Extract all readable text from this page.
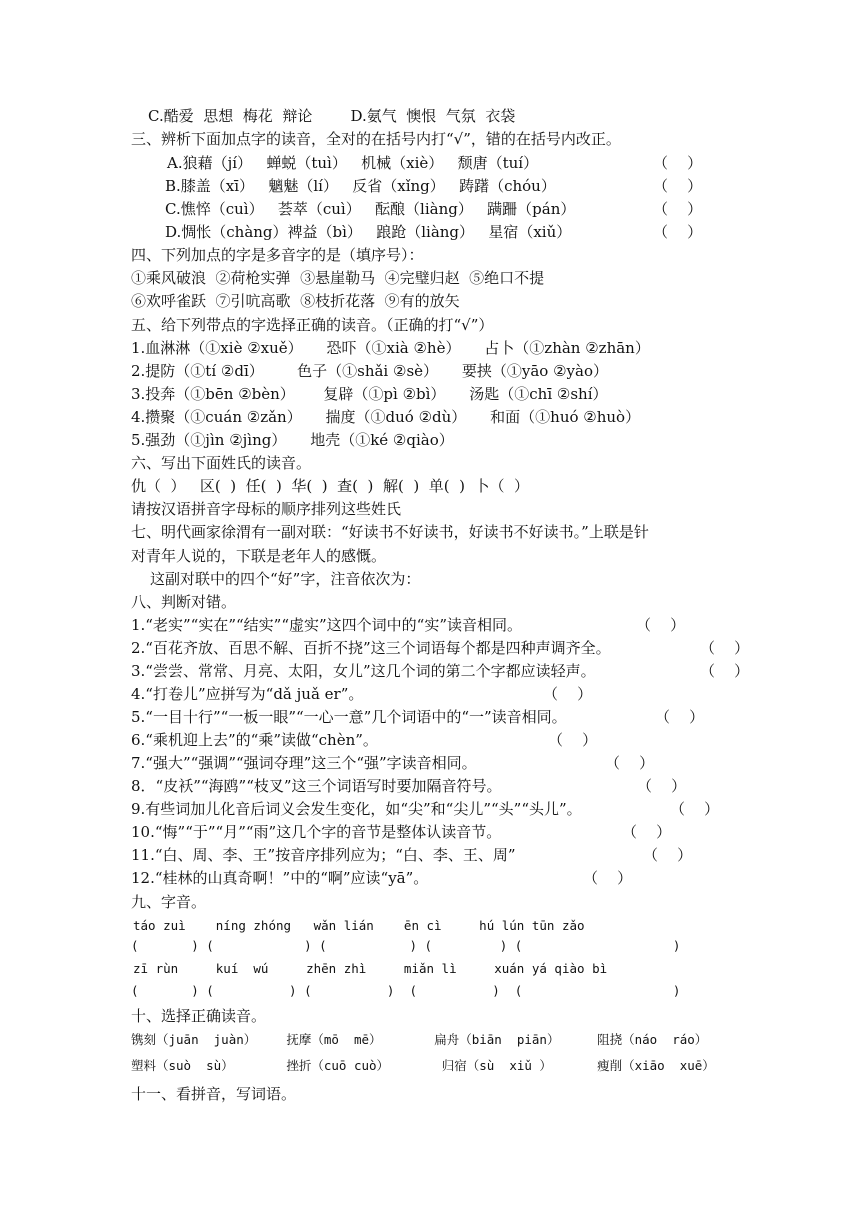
C.酷爱  思想  梅花  辩论        D.氨气  懊恨  气氛  衣袋
三、辨析下面加点字的读音，全对的在括号内打“√”，错的在括号内改正。
A.狼藉（jí）   蝉蜕（tuì）   机械（xiè）   颓唐（tuí）	（    ）
B.膝盖（xī）   魑魅（lí）   反省（xǐng）   踌躇（chóu）	（    ）
C.憔悴（cuì）   荟萃（cuì）   酝酿（liàng）   蹒跚（pán）	（    ）
D.惆怅（chàng）裨益（bì）   踉跄（liàng）   星宿（xiǔ）	（    ）
四、下列加点的字是多音字的是（填序号）：
①乘风破浪  ②荷枪实弹  ③悬崖勒马  ④完璧归赵  ⑤绝口不提
⑥欢呼雀跃  ⑦引吭高歌  ⑧枝折花落  ⑨有的放矢
五、给下列带点的字选择正确的读音。（正确的打“√”）
1.血淋淋（①xiè ②xuě）     恐吓（①xià ②hè）     占卜（①zhàn ②zhān）
2.提防（①tí ②dī）       色子（①shǎi ②sè）     要挟（①yāo ②yào）
3.投奔（①bēn ②bèn）      复辟（①pì ②bì）     汤匙（①chī ②shí）
4.攒聚（①cuán ②zǎn）     揣度（①duó ②dù）     和面（①huó ②huò）
5.强劲（①jìn ②jìng）     地壳（①ké ②qiào）
六、写出下面姓氏的读音。
仇（  ）   区(  )  任(  )  华(  )  查(  )  解(  )  单(  )  卜（  ）
请按汉语拼音字母标的顺序排列这些姓氏
七、明代画家徐渭有一副对联：“好读书不好读书，好读书不好读书。”上联是针
对青年人说的，下联是老年人的感慨。
这副对联中的四个“好”字，注音依次为：
八、判断对错。
1.“老实”“实在”“结实”“虚实”这四个词中的“实”读音相同。	（    ）
2.“百花齐放、百思不解、百折不挠”这三个词语每个都是四种声调齐全。	（    ）
3.“尝尝、常常、月亮、太阳，女儿”这几个词的第二个字都应读轻声。	（    ）
4.“打卷儿”应拼写为“dǎ juǎ er”。	（    ）
5.“一目十行”“一板一眼”“一心一意”几个词语中的“一”读音相同。	（    ）
6.“乘机迎上去”的“乘”读做“chèn”。	（    ）
7.“强大”“强调”“强词夺理”这三个“强”字读音相同。	（    ）
8．“皮袄”“海鸥”“枝叉”这三个词语写时要加隔音符号。	（    ）
9.有些词加儿化音后词义会发生变化，如“尖”和“尖儿”“头”“头儿”。	（    ）
10.“悔”“于”“月”“雨”这几个字的音节是整体认读音节。	（    ）
11.“白、周、李、王”按音序排列应为；“白、李、王、周”	（    ）
12.“桂林的山真奇啊！”中的“啊”应读“yā”。	（    ）
九、字音。
táo zuì    níng zhóng   wǎn lián    ēn cì     hú lún tūn zǎo
(       ) (            ) (           ) (         ) (                    )
zī rùn     kuí  wú     zhēn zhì     miǎn lì     xuán yá qiào bì
(       ) (          ) (          )  (          )  (                    )
十、选择正确读音。
镌刻（juān  juàn）    抚摩（mō  mē）       扁舟（biān  piān）     阻挠（náo  ráo）
塑料（suò  sù）       挫折（cuō cuò）       归宿（sù  xiǔ ）      瘦削（xiāo  xuē）
十一、看拼音，写词语。
